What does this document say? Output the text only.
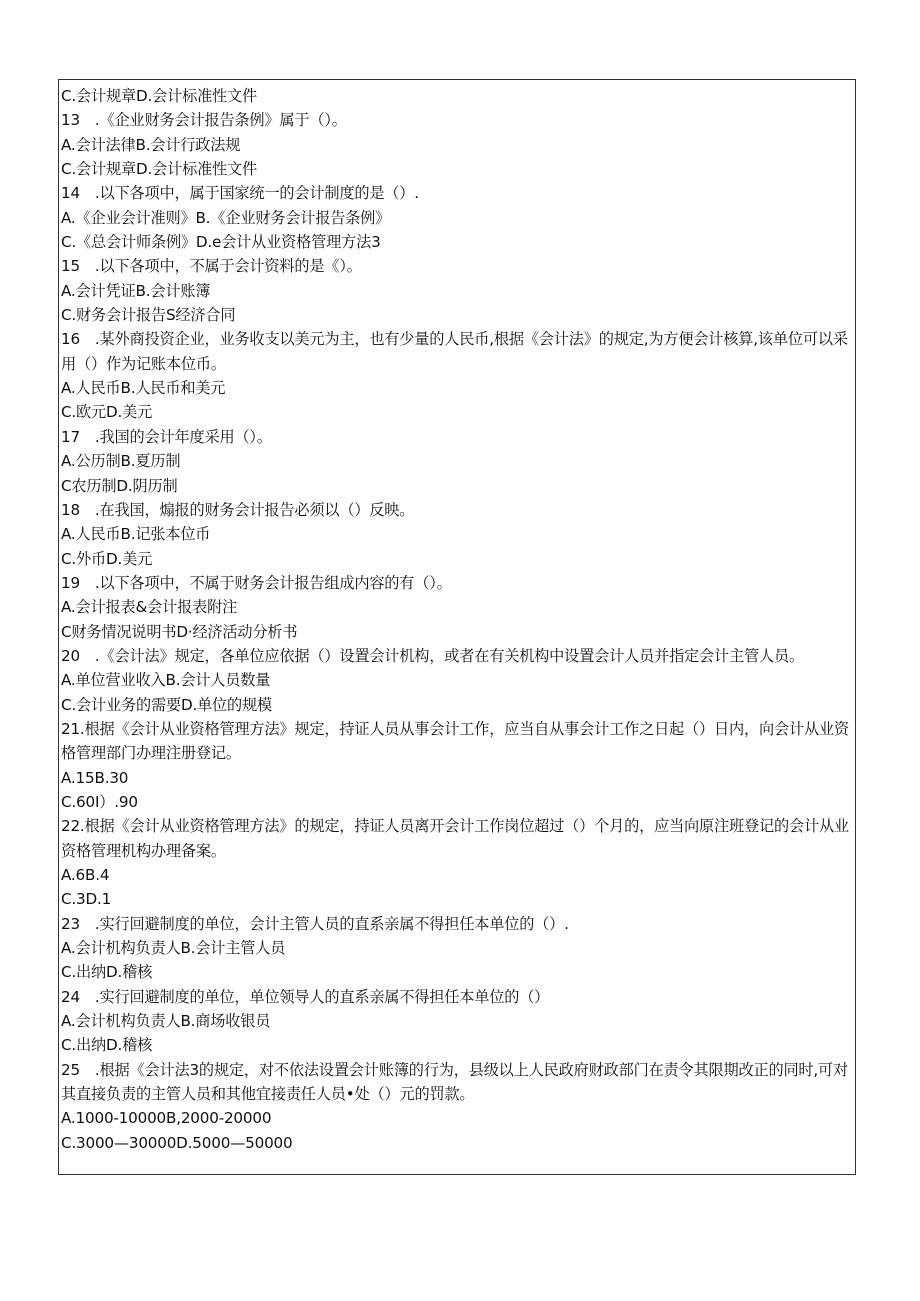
C.会计规章D.会计标准性文件
13　.《企业财务会计报告条例》属于（）。
A.会计法律B.会计行政法规
C.会计规章D.会计标准性文件
14　.以下各项中，属于国家统一的会计制度的是（）.
A.《企业会计准则》B.《企业财务会计报告条例》
C.《总会计师条例》D.e会计从业资格管理方法3
15　.以下各项中，不属于会计资料的是《）。
A.会计凭证B.会计账簿
C.财务会计报告S经济合同
16　.某外商投资企业，业务收支以美元为主，也有少量的人民币,根据《会计法》的规定,为方便会计核算,该单位可以采用（）作为记账本位币。
A.人民币B.人民币和美元
C.欧元D.美元
17　.我国的会计年度采用（）。
A.公历制B.夏历制
C农历制D.阴历制
18　.在我国，煽报的财务会计报告必须以（）反映。
A.人民币B.记张本位币
C.外币D.美元
19　.以下各项中，不属于财务会计报告组成内容的有（）。
A.会计报表&会计报表附注
C财务情况说明书D·经济活动分析书
20　.《会计法》规定，各单位应依据（）设置会计机构，或者在有关机构中设置会计人员并指定会计主管人员。
A.单位营业收入B.会计人员数量
C.会计业务的需要D.单位的规模
21.根据《会计从业资格管理方法》规定，持证人员从事会计工作，应当自从事会计工作之日起（）日内，向会计从业资格管理部门办理注册登记。
A.15B.30
C.60I）.90
22.根据《会计从业资格管理方法》的规定，持证人员离开会计工作岗位超过（）个月的，应当向原注班登记的会计从业资格管理机构办理备案。
A.6B.4
C.3D.1
23　.实行回避制度的单位，会计主管人员的直系亲属不得担任本单位的（）.
A.会计机构负责人B.会计主管人员
C.出纳D.稽核
24　.实行回避制度的单位，单位领导人的直系亲属不得担任本单位的（）
A.会计机构负责人B.商场收银员
C.出纳D.稽核
25　.根据《会计法3的规定，对不依法设置会计账簿的行为，县级以上人民政府财政部门在责令其限期改正的同时,可对其直接负责的主管人员和其他宜接责任人员•处（）元的罚款。
A.1000-10000B,2000-20000
C.3000—30000D.5000—50000
